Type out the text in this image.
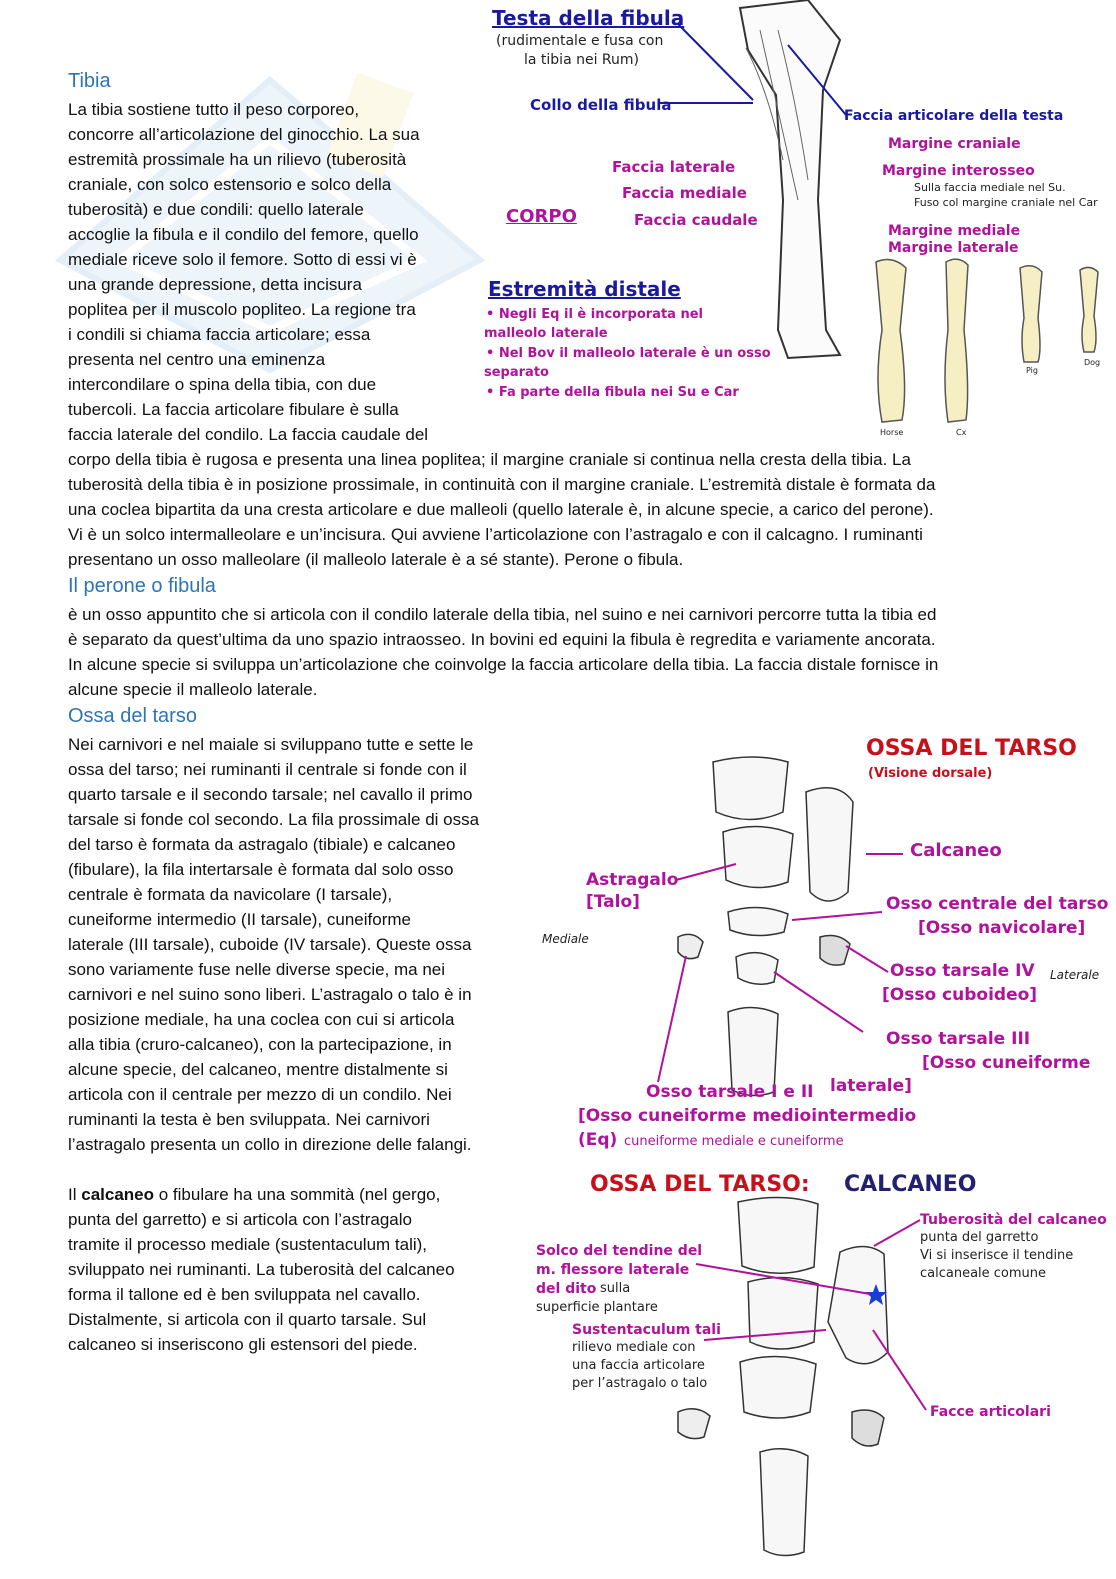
Tibia
La tibia sostiene tutto il peso corporeo,
concorre all’articolazione del ginocchio. La sua
estremità prossimale ha un rilievo (tuberosità
craniale, con solco estensorio e solco della
tuberosità) e due condili: quello laterale
accoglie la fibula e il condilo del femore, quello
mediale riceve solo il femore. Sotto di essi vi è
una grande depressione, detta incisura
poplitea per il muscolo popliteo. La regione tra
i condili si chiama faccia articolare; essa
presenta nel centro una eminenza
intercondilare o spina della tibia, con due
tubercoli. La faccia articolare fibulare è sulla
faccia laterale del condilo. La faccia caudale del
corpo della tibia è rugosa e presenta una linea poplitea; il margine craniale si continua nella cresta della tibia. La
tuberosità della tibia è in posizione prossimale, in continuità con il margine craniale. L’estremità distale è formata da
una coclea bipartita da una cresta articolare e due malleoli (quello laterale è, in alcune specie, a carico del perone).
Vi è un solco intermalleolare e un’incisura. Qui avviene l’articolazione con l’astragalo e con il calcagno. I ruminanti
presentano un osso malleolare (il malleolo laterale è a sé stante). Perone o fibula.
Il perone o fibula
è un osso appuntito che si articola con il condilo laterale della tibia, nel suino e nei carnivori percorre tutta la tibia ed
è separato da quest’ultima da uno spazio intraosseo. In bovini ed equini la fibula è regredita e variamente ancorata.
In alcune specie si sviluppa un’articolazione che coinvolge la faccia articolare della tibia. La faccia distale fornisce in
alcune specie il malleolo laterale.
Ossa del tarso
Nei carnivori e nel maiale si sviluppano tutte e sette le
ossa del tarso; nei ruminanti il centrale si fonde con il
quarto tarsale e il secondo tarsale; nel cavallo il primo
tarsale si fonde col secondo. La fila prossimale di ossa
del tarso è formata da astragalo (tibiale) e calcaneo
(fibulare), la fila intertarsale è formata dal solo osso
centrale è formata da navicolare (I tarsale),
cuneiforme intermedio (II tarsale), cuneiforme
laterale (III tarsale), cuboide (IV tarsale). Queste ossa
sono variamente fuse nelle diverse specie, ma nei
carnivori e nel suino sono liberi. L’astragalo o talo è in
posizione mediale, ha una coclea con cui si articola
alla tibia (cruro-calcaneo), con la partecipazione, in
alcune specie, del calcaneo, mentre distalmente si
articola con il centrale per mezzo di un condilo. Nei
ruminanti la testa è ben sviluppata. Nei carnivori
l’astragalo presenta un collo in direzione delle falangi.
Il calcaneo o fibulare ha una sommità (nel gergo,
punta del garretto) e si articola con l’astragalo
tramite il processo mediale (sustentaculum tali),
sviluppato nei ruminanti. La tuberosità del calcaneo
forma il tallone ed è ben sviluppata nel cavallo.
Distalmente, si articola con il quarto tarsale. Sul
calcaneo si inseriscono gli estensori del piede.
Testa della fibula
(rudimentale e fusa con
la tibia nei Rum)
Collo della fibula
Faccia articolare della testa
Margine craniale
Margine interosseo
Sulla faccia mediale nel Su.
Fuso col margine craniale nel Car
Faccia laterale
Faccia mediale
Faccia caudale
CORPO
Margine mediale
Margine laterale
Estremità distale
• Negli Eq il è incorporata nel
malleolo laterale
• Nel Bov il malleolo laterale è un osso
separato
• Fa parte della fibula nei Su e Car
Horse	Cx
Pig
Dog
OSSA DEL TARSO
(Visione dorsale)
Calcaneo
Astragalo
[Talo]
Mediale
Osso centrale del tarso
[Osso navicolare]
Osso tarsale IV Laterale
[Osso cuboideo]
Osso tarsale III
[Osso cuneiforme
Osso tarsale I e II laterale]
[Osso cuneiforme mediointermedio
(Eq) cuneiforme mediale e cuneiforme
OSSA DEL TARSO: CALCANEO
Tuberosità del calcaneo
punta del garretto
Vi si inserisce il tendine
calcaneale comune
Solco del tendine del
m. flessore laterale
del dito sulla
superficie plantare
Sustentaculum tali
rilievo mediale con
una faccia articolare
per l’astragalo o talo
Facce articolari
